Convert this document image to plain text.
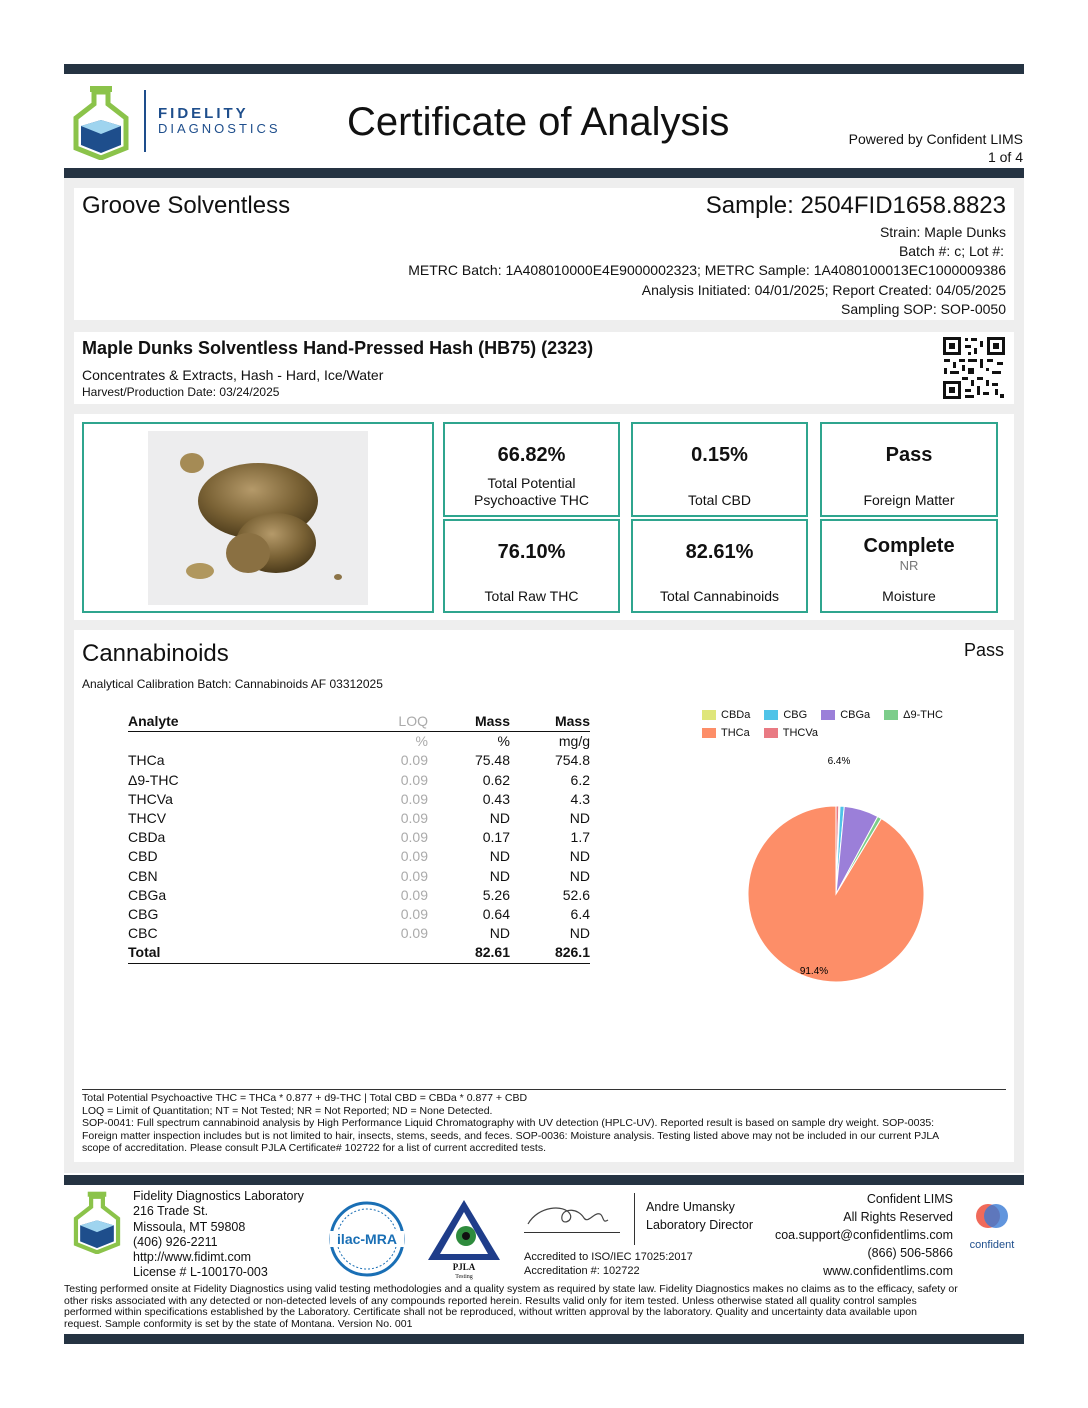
FIDELITY
DIAGNOSTICS Certificate of Analysis	Powered by Confident LIMS
1 of 4
Groove Solventless	Sample: 2504FID1658.8823
Strain: Maple Dunks
Batch #: c; Lot #:
METRC Batch: 1A408010000E4E9000002323; METRC Sample: 1A4080100013EC1000009386
Analysis Initiated: 04/01/2025; Report Created: 04/05/2025
Sampling SOP: SOP-0050
Maple Dunks Solventless Hand-Pressed Hash (HB75) (2323)
Concentrates & Extracts, Hash - Hard, Ice/Water
Harvest/Production Date: 03/24/2025
66.82%
Total Potential
Psychoactive THC
0.15%
Total CBD
Pass
Foreign Matter
76.10%
Total Raw THC
82.61%
Total Cannabinoids
Complete
NR
Moisture
Cannabinoids	Pass
Analytical Calibration Batch: Cannabinoids AF 03312025
Analyte	LOQ	Mass	Mass
	%	%	mg/g
THCa	0.09	75.48	754.8
Δ9-THC	0.09	0.62	6.2
THCVa	0.09	0.43	4.3
THCV	0.09	ND	ND
CBDa	0.09	0.17	1.7
CBD	0.09	ND	ND
CBN	0.09	ND	ND
CBGa	0.09	5.26	52.6
CBG	0.09	0.64	6.4
CBC	0.09	ND	ND
Total		82.61	826.1
CBDa	CBG	CBGa	Δ9-THC
THCa	THCVa
6.4%
91.4%
Total Potential Psychoactive THC = THCa * 0.877 + d9-THC | Total CBD = CBDa * 0.877 + CBD
LOQ = Limit of Quantitation; NT = Not Tested; NR = Not Reported; ND = None Detected.
SOP-0041: Full spectrum cannabinoid analysis by High Performance Liquid Chromatography with UV detection (HPLC-UV). Reported result is based on sample dry weight. SOP-0035:
Foreign matter inspection includes but is not limited to hair, insects, stems, seeds, and feces. SOP-0036: Moisture analysis. Testing listed above may not be included in our current PJLA
scope of accreditation. Please consult PJLA Certificate# 102722 for a list of current accredited tests.
Fidelity Diagnostics Laboratory
216 Trade St.
Missoula, MT 59808
(406) 926-2211
http://www.fidimt.com
License # L-100170-003
ilac-MRA
PJLA
Testing
Andre Umansky
Laboratory Director
Accredited to ISO/IEC 17025:2017
Accreditation #: 102722
Confident LIMS
All Rights Reserved
coa.support@confidentlims.com
(866) 506-5866
www.confidentlims.com
confident
Testing performed onsite at Fidelity Diagnostics using valid testing methodologies and a quality system as required by state law. Fidelity Diagnostics makes no claims as to the efficacy, safety or
other risks associated with any detected or non-detected levels of any compounds reported herein. Results valid only for item tested. Unless otherwise stated all quality control samples
performed within specifications established by the Laboratory. Certificate shall not be reproduced, without written approval by the laboratory. Quality and uncertainty data available upon
request. Sample conformity is set by the state of Montana. Version No. 001
